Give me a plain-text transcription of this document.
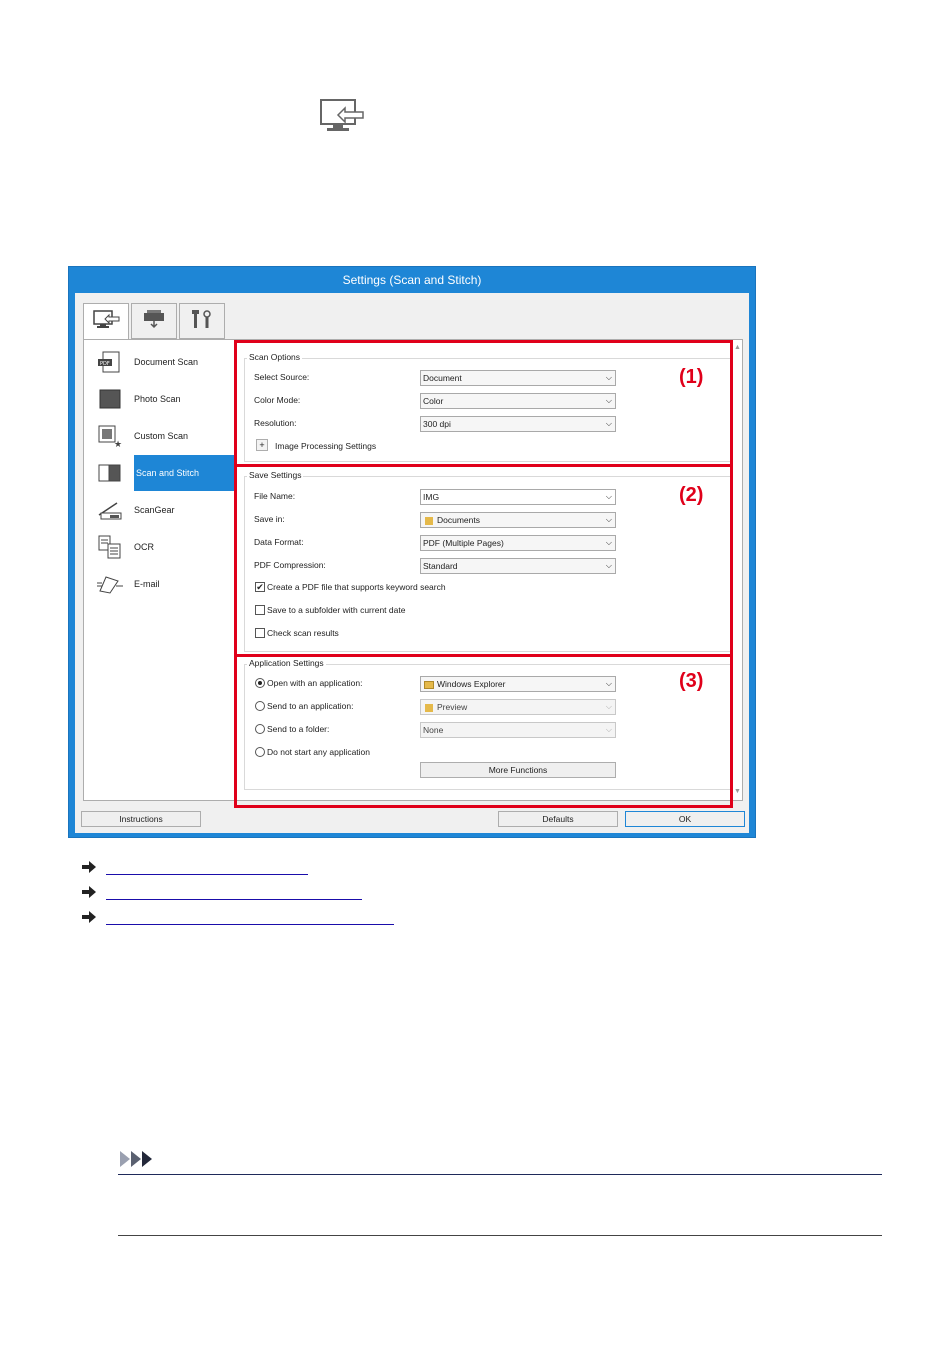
Settings (Scan and Stitch)
PDF	Document Scan
Photo Scan
★
Custom Scan
Scan and Stitch
ScanGear
OCR
E-mail
Scan Options
Select Source:	Document	⌵
Color Mode:	Color	⌵
Resolution:	300 dpi	⌵
+	Image Processing Settings
Save Settings
File Name:	IMG	⌵
Save in:	Documents	⌵
Data Format:	PDF (Multiple Pages)	⌵
PDF Compression:	Standard	⌵
✔ Create a PDF file that supports keyword search
Save to a subfolder with current date
Check scan results
Application Settings
Open with an application:	Windows Explorer	⌵
Send to an application:	Preview	⌵
Send to a folder:	None	⌵
Do not start any application
More Functions
▲
▼
Instructions	Defaults	OK
(1)
(2)
(3)
